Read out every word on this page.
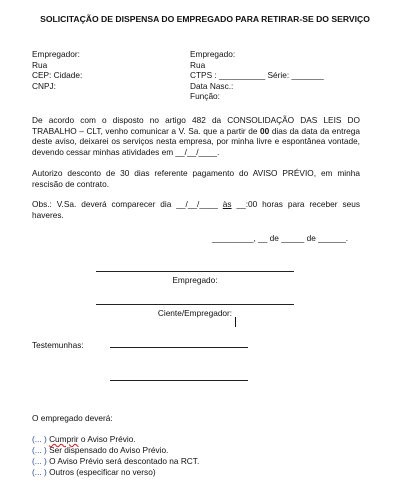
SOLICITAÇÃO DE DISPENSA DO EMPREGADO PARA RETIRAR-SE DO SERVIÇO
Empregador:
Rua
CEP: Cidade:
CNPJ:
Empregado:
Rua
CTPS : __________ Série: _______
Data Nasc.:
Função:
De acordo com o disposto no artigo 482 da CONSOLIDAÇÃO DAS LEIS DO TRABALHO – CLT, venho comunicar a V. Sa. que a partir de 00 dias da data da entrega deste aviso, deixarei os serviços nesta empresa, por minha livre e espontânea vontade, devendo cessar minhas atividades em __/__/____.
Autorizo desconto de 30 dias referente pagamento do AVISO PRÉVIO, em minha rescisão de contrato.
Obs.: V.Sa. deverá comparecer dia __/__/____ às __:00 horas para receber seus haveres.
_________, __ de _____ de ______.
Empregado:
Ciente/Empregador:
Testemunhas:
O empregado deverá:
(... ) Cumprir o Aviso Prévio.
(... ) Ser dispensado do Aviso Prévio.
(... ) O Aviso Prévio será descontado na RCT.
(... ) Outros (especificar no verso)
